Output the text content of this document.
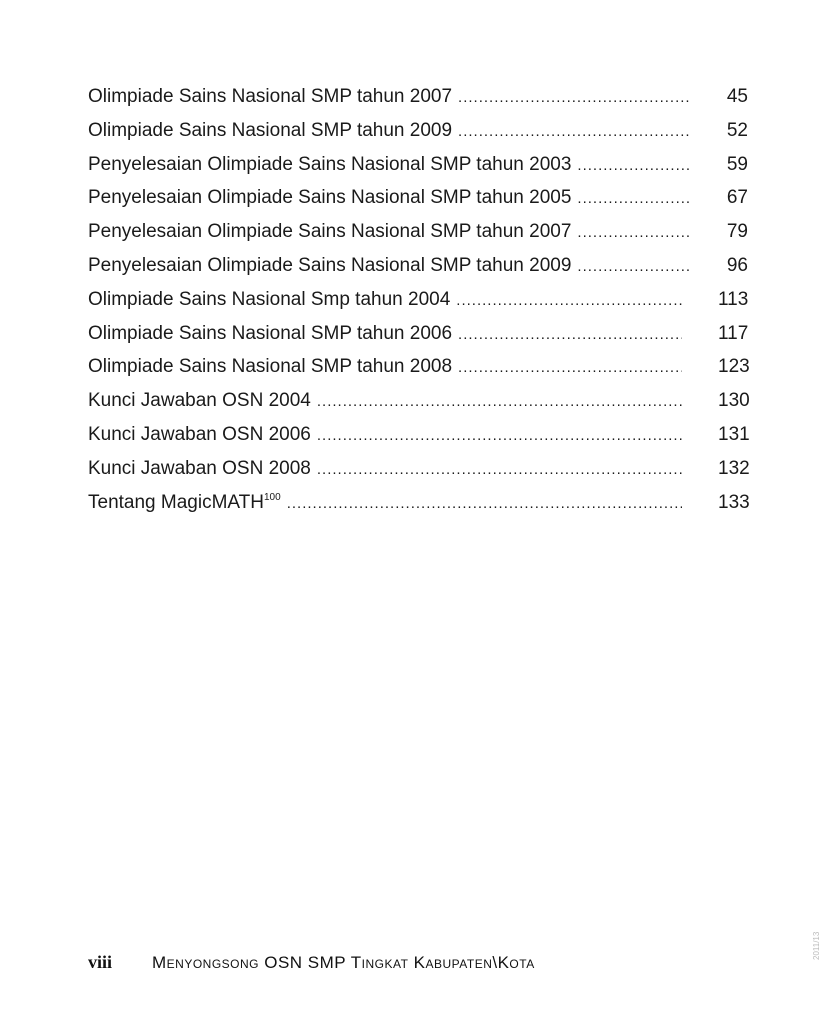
Olimpiade Sains Nasional SMP tahun 2007 .....	45
Olimpiade Sains Nasional SMP tahun 2009 .....	52
Penyelesaian Olimpiade Sains Nasional SMP tahun 2003 .....	59
Penyelesaian Olimpiade Sains Nasional SMP tahun 2005 .....	67
Penyelesaian Olimpiade Sains Nasional SMP tahun 2007 .....	79
Penyelesaian Olimpiade Sains Nasional SMP tahun 2009 .....	96
Olimpiade Sains Nasional Smp tahun 2004 .....	113
Olimpiade Sains Nasional SMP tahun 2006 .....	117
Olimpiade Sains Nasional SMP tahun 2008 .....	123
Kunci Jawaban OSN 2004 .....	130
Kunci Jawaban OSN 2006 .....	131
Kunci Jawaban OSN 2008 .....	132
Tentang MagicMATH$^{100}$ .....	133
viii	Menyongsong OSN SMP Tingkat Kabupaten\Kota
2011/13
